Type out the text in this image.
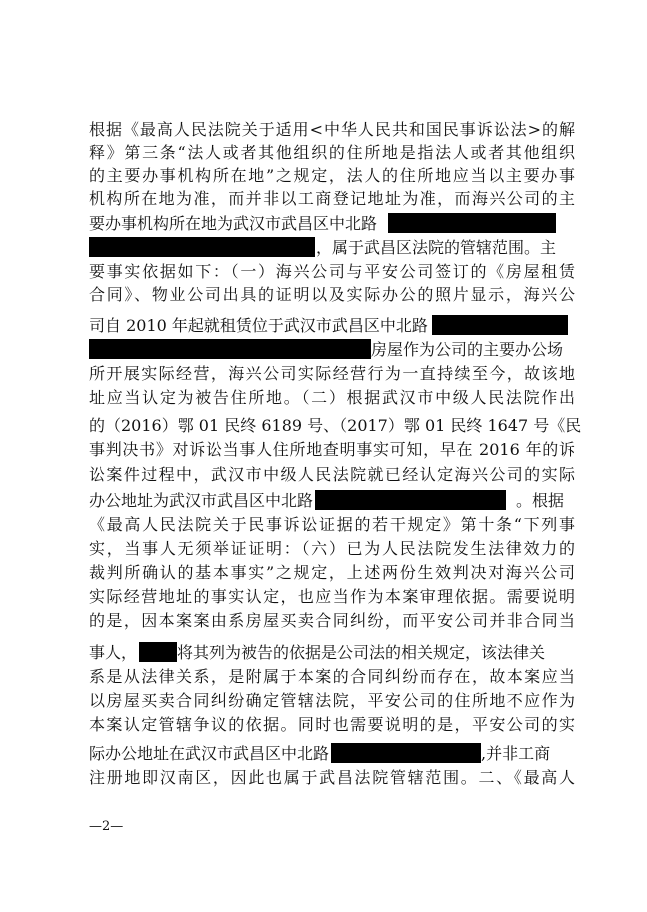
根据《最高人民法院关于适用<中华人民共和国民事诉讼法>的解
释》第三条“法人或者其他组织的住所地是指法人或者其他组织
的主要办事机构所在地”之规定，法人的住所地应当以主要办事
机构所在地为准，而并非以工商登记地址为准，而海兴公司的主
要办事机构所在地为武汉市武昌区中北路
，属于武昌区法院的管辖范围。主
要事实依据如下：（一）海兴公司与平安公司签订的《房屋租赁
合同》、物业公司出具的证明以及实际办公的照片显示，海兴公
司自 2010 年起就租赁位于武汉市武昌区中北路
房屋作为公司的主要办公场
所开展实际经营，海兴公司实际经营行为一直持续至今，故该地
址应当认定为被告住所地。（二）根据武汉市中级人民法院作出
的（2016）鄂 01 民终 6189 号、（2017）鄂 01 民终 1647 号《民
事判决书》对诉讼当事人住所地查明事实可知，早在 2016 年的诉
讼案件过程中，武汉市中级人民法院就已经认定海兴公司的实际
办公地址为武汉市武昌区中北路	。根据
《最高人民法院关于民事诉讼证据的若干规定》第十条“下列事
实，当事人无须举证证明：（六）已为人民法院发生法律效力的
裁判所确认的基本事实”之规定，上述两份生效判决对海兴公司
实际经营地址的事实认定，也应当作为本案审理依据。需要说明
的是，因本案案由系房屋买卖合同纠纷，而平安公司并非合同当
事人，	将其列为被告的依据是公司法的相关规定，该法律关
系是从法律关系，是附属于本案的合同纠纷而存在，故本案应当
以房屋买卖合同纠纷确定管辖法院，平安公司的住所地不应作为
本案认定管辖争议的依据。同时也需要说明的是，平安公司的实
际办公地址在武汉市武昌区中北路	,并非工商
注册地即汉南区，因此也属于武昌法院管辖范围。二、《最高人
—2—
